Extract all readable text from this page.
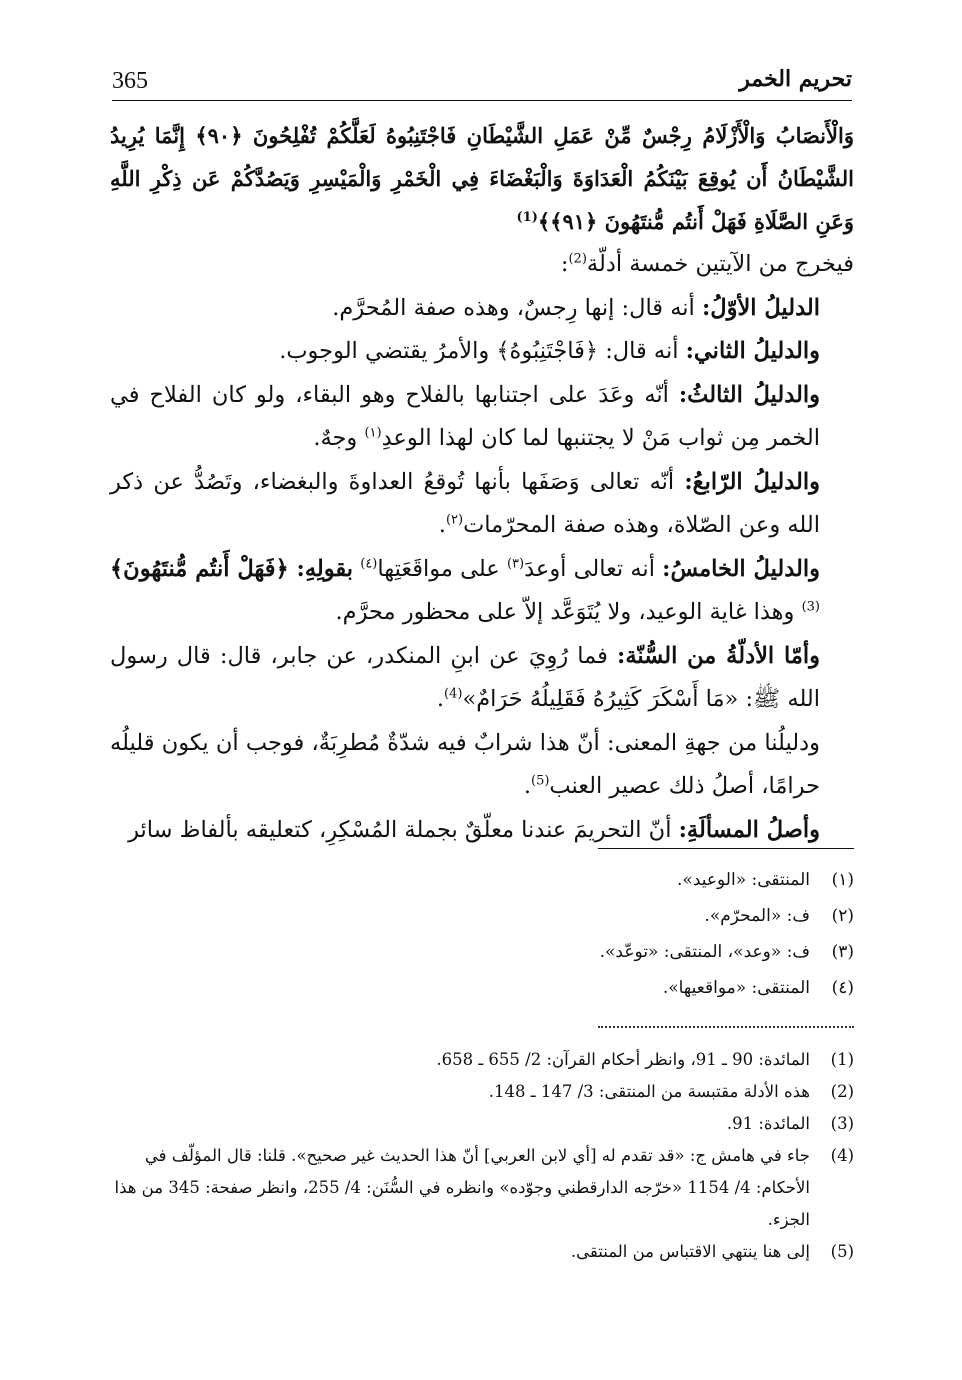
365	تحريم الخمر

وَالْأَنصَابُ وَالْأَزْلَامُ رِجْسٌ مِّنْ عَمَلِ الشَّيْطَانِ فَاجْتَنِبُوهُ لَعَلَّكُمْ تُفْلِحُونَ ﴿٩٠﴾ إِنَّمَا يُرِيدُ الشَّيْطَانُ أَن يُوقِعَ بَيْنَكُمُ الْعَدَاوَةَ وَالْبَغْضَاءَ فِي الْخَمْرِ وَالْمَيْسِرِ وَيَصُدَّكُمْ عَن ذِكْرِ اللَّهِ وَعَنِ الصَّلَاةِ فَهَلْ أَنتُم مُّنتَهُونَ ﴿٩١﴾﴾$^{(1)}$

فيخرج من الآيتين خمسة أدلّة$^{(2)}$:

الدليلُ الأوّلُ: أنه قال: إنها رِجسٌ، وهذه صفة المُحرَّم.

والدليلُ الثاني: أنه قال: ﴿فَاجْتَنِبُوهُ﴾ والأمرُ يقتضي الوجوب.

والدليلُ الثالثُ: أنّه وعَدَ على اجتنابها بالفلاح وهو البقاء، ولو كان الفلاح في الخمر مِن ثواب مَنْ لا يجتنبها لما كان لهذا الوعدِ$^{(١)}$ وجهٌ.

والدليلُ الرّابعُ: أنّه تعالى وَصَفَها بأنها تُوقعُ العداوةَ والبغضاء، وتَصُدُّ عن ذكر الله وعن الصّلاة، وهذه صفة المحرّمات$^{(٢)}$.

والدليلُ الخامسُ: أنه تعالى أوعدَ$^{(٣)}$ على مواقَعَتِها$^{(٤)}$ بقولِهِ: ﴿فَهَلْ أَنتُم مُّنتَهُونَ﴾$^{(3)}$ وهذا غاية الوعيد، ولا يُتَوَعَّد إلاّ على محظور محرَّم.

وأمّا الأدلّةُ من السُّنّة: فما رُوِيَ عن ابنِ المنكدر، عن جابر، قال: قال رسول الله ﷺ: «مَا أَسْكَرَ كَثِيرُهُ فَقَلِيلُهُ حَرَامٌ»$^{(4)}$.

ودليلُنا من جهةِ المعنى: أنّ هذا شرابٌ فيه شدّةٌ مُطرِبَةٌ، فوجب أن يكون قليلُه حرامًا، أصلُ ذلك عصير العنب$^{(5)}$.

وأصلُ المسألَةِ: أنّ التحريمَ عندنا معلّقٌ بجملة المُسْكِرِ، كتعليقه بألفاظ سائر

(١)
المنتقى: «الوعيد».
(٢)
ف: «المحرّم».
(٣)
ف: «وعد»، المنتقى: «توعّد».
(٤)
المنتقى: «مواقعيها».
(1)
المائدة: 90 ـ 91، وانظر أحكام القرآن: 2/ 655 ـ 658.
(2)
هذه الأدلة مقتبسة من المنتقى: 3/ 147 ـ 148.
(3)
المائدة: 91.
(4)
جاء في هامش ج: «قد تقدم له [أي لابن العربي] أنّ هذا الحديث غير صحيح». قلنا: قال المؤلّف في الأحكام: 4/ 1154 «خرّجه الدارقطني وجوّده» وانظره في السُّنَن: 4/ 255، وانظر صفحة: 345 من هذا الجزء.
(5)
إلى هنا ينتهي الاقتباس من المنتقى.
